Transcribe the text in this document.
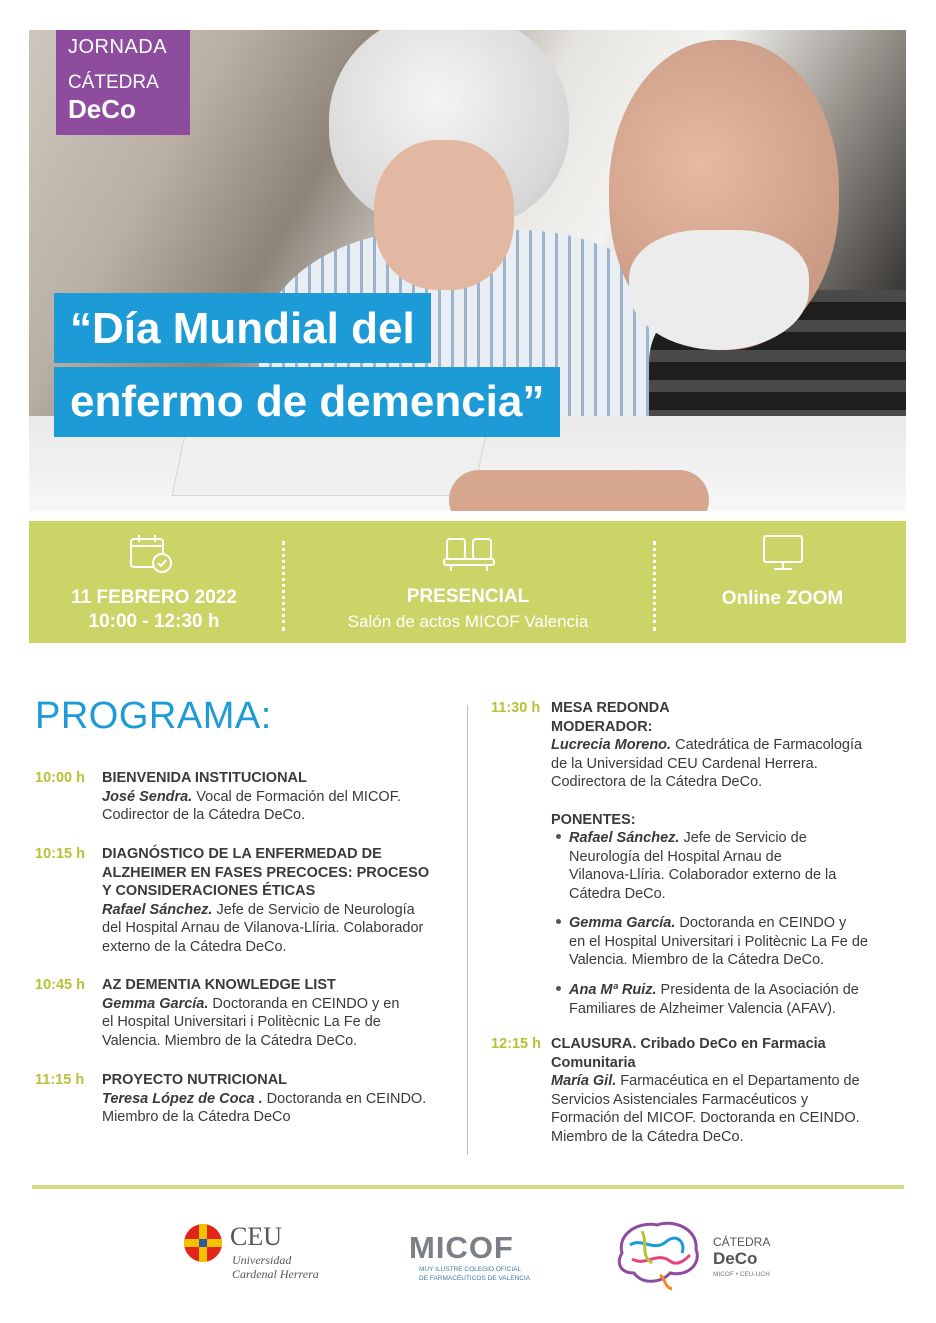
JORNADA
CÁTEDRA
DeCo
“Día Mundial del
enfermo de demencia”
11 FEBRERO 2022
10:00 - 12:30 h
PRESENCIAL
Salón de actos MICOF Valencia
Online ZOOM
PROGRAMA:
10:00 h BIENVENIDA INSTITUCIONAL
José Sendra. Vocal de Formación del MICOF.
Codirector de la Cátedra DeCo.
10:15 h DIAGNÓSTICO DE LA ENFERMEDAD DE
ALZHEIMER EN FASES PRECOCES: PROCESO
Y CONSIDERACIONES ÉTICAS
Rafael Sánchez. Jefe de Servicio de Neurología
del Hospital Arnau de Vilanova-Llíria. Colaborador
externo de la Cátedra DeCo.
10:45 h AZ DEMENTIA KNOWLEDGE LIST
Gemma García. Doctoranda en CEINDO y en
el Hospital Universitari i Politècnic La Fe de
Valencia. Miembro de la Cátedra DeCo.
11:15 h PROYECTO NUTRICIONAL
Teresa López de Coca . Doctoranda en CEINDO.
Miembro de la Cátedra DeCo
11:30 h MESA REDONDA
MODERADOR:
Lucrecia Moreno. Catedrática de Farmacología
de la Universidad CEU Cardenal Herrera.
Codirectora de la Cátedra DeCo.
PONENTES:
Rafael Sánchez. Jefe de Servicio de
Neurología del Hospital Arnau de
Vilanova-Llíria. Colaborador externo de la
Cátedra DeCo.
Gemma García. Doctoranda en CEINDO y
en el Hospital Universitari i Politècnic La Fe de
Valencia. Miembro de la Cátedra DeCo.
Ana Mª Ruiz. Presidenta de la Asociación de
Familiares de Alzheimer Valencia (AFAV).
12:15 h CLAUSURA. Cribado DeCo en Farmacia
Comunitaria
María Gil. Farmacéutica en el Departamento de
Servicios Asistenciales Farmacéuticos y
Formación del MICOF. Doctoranda en CEINDO.
Miembro de la Cátedra DeCo.
CEU
Universidad
Cardenal Herrera
MICOF
MUY ILUSTRE COLEGIO OFICIAL
DE FARMACÉUTICOS DE VALENCIA
CÁTEDRA
DeCo
MICOF • CEU-UCH
